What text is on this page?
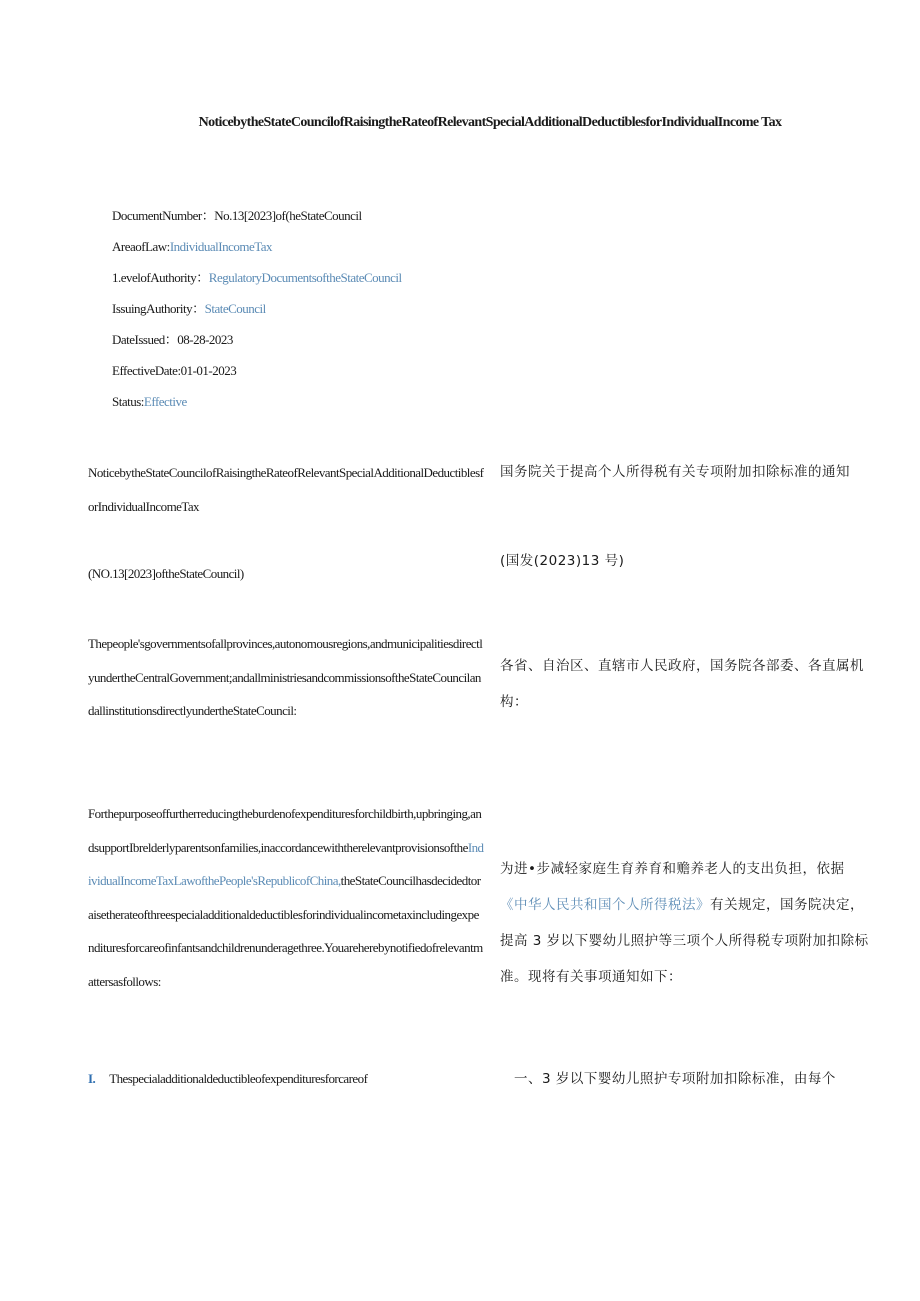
NoticebytheStateCouncilofRaisingtheRateofRelevantSpecialAdditionalDeductiblesforIndividualIncome Tax
DocumentNumber：No.13[2023]of(heStateCouncil
AreaofLaw:IndividualIncomeTax
1.evelofAuthority：RegulatoryDocumentsoftheStateCouncil
IssuingAuthority：StateCouncil
DateIssued：08-28-2023
EffectiveDate:01-01-2023
Status:Effective
NoticebytheStateCouncilofRaisingtheRateofRelevantSpecialAdditionalDeductiblesforIndividualIncomeTax
(NO.13[2023]oftheStateCouncil)
Thepeople'sgovernmentsofallprovinces,autonomousregions,andmunicipalitiesdirectlyundertheCentralGovernment;andallministriesandcommissionsoftheStateCouncilandallinstitutionsdirectlyundertheStateCouncil:
Forthepurposeoffurtherreducingtheburdenofexpendituresforchildbirth,upbringing,andsupportIbrelderlyparentsonfamilies,inaccordancewiththerelevantprovisionsoftheIndividualIncomeTaxLawofthePeople'sRepublicofChina,theStateCouncilhasdecidedtoraisetherateofthreespecialadditionaldeductiblesforindividualincometaxincludingexpendituresforcareofinfantsandchildrenunderagethree.Youareherebynotifiedofrelevantmattersasfollows:
I. Thespecialadditionaldeductibleofexpendituresforcareof
国务院关于提高个人所得税有关专项附加扣除标准的通知
(国发(2023)13 号)
各省、自治区、直辖市人民政府，国务院各部委、各直属机构：
为进•步减轻家庭生育养育和赡养老人的支出负担，依据《中华人民共和国个人所得税法》有关规定，国务院决定，提高 3 岁以下婴幼儿照护等三项个人所得税专项附加扣除标准。现将有关事项通知如下：
一、3 岁以下婴幼儿照护专项附加扣除标准，由每个
